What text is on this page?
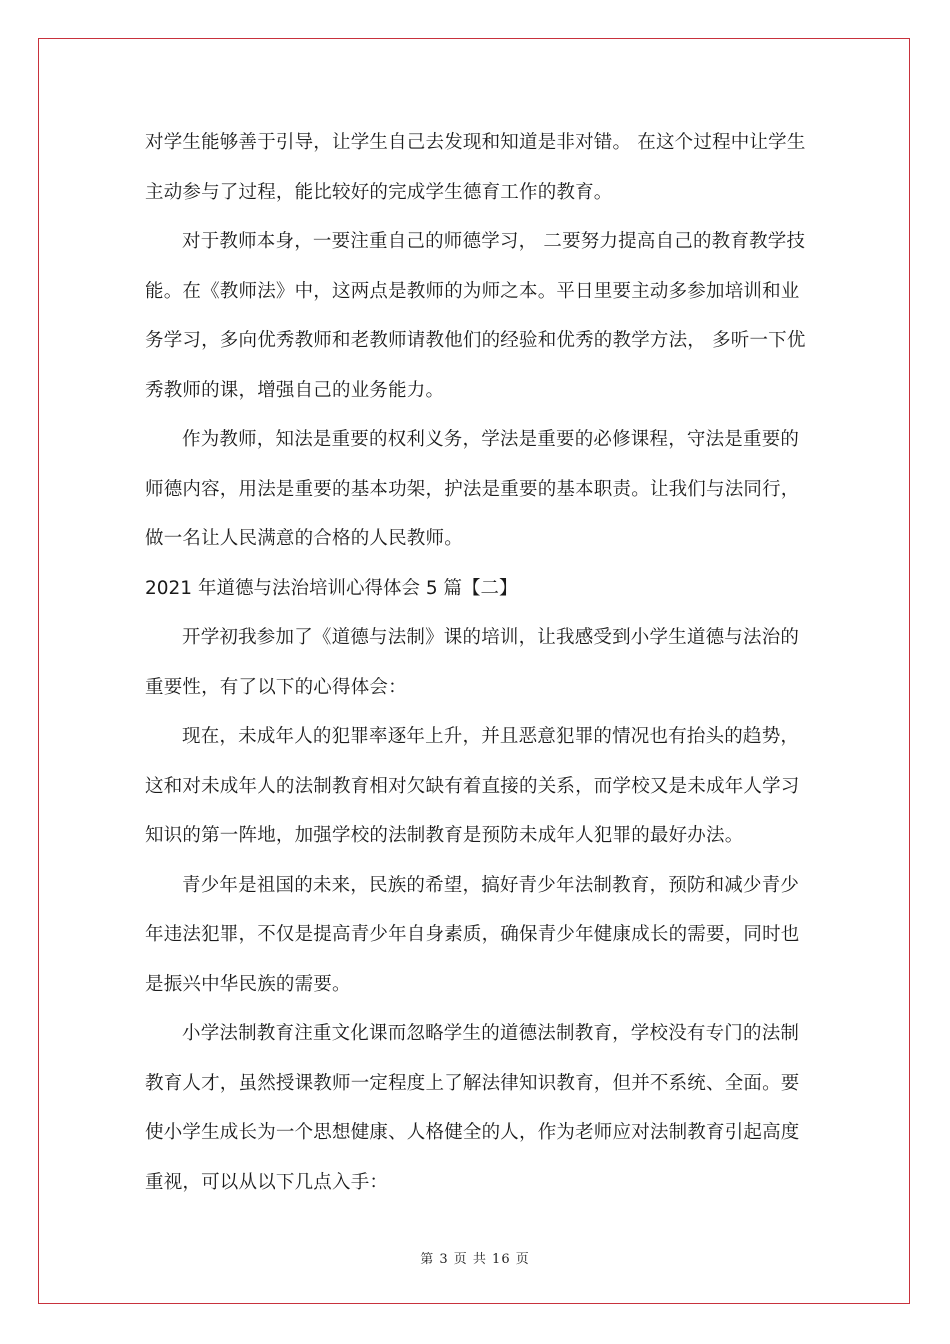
对学生能够善于引导，让学生自己去发现和知道是非对错。 在这个过程中让学生
主动参与了过程，能比较好的完成学生德育工作的教育。

对于教师本身，一要注重自己的师德学习， 二要努力提高自己的教育教学技
能。在《教师法》中，这两点是教师的为师之本。平日里要主动多参加培训和业
务学习，多向优秀教师和老教师请教他们的经验和优秀的教学方法， 多听一下优
秀教师的课，增强自己的业务能力。

作为教师，知法是重要的权利义务，学法是重要的必修课程，守法是重要的
师德内容，用法是重要的基本功架，护法是重要的基本职责。让我们与法同行，
做一名让人民满意的合格的人民教师。

2021 年道德与法治培训心得体会 5 篇【二】

开学初我参加了《道德与法制》课的培训，让我感受到小学生道德与法治的
重要性，有了以下的心得体会：

现在，未成年人的犯罪率逐年上升，并且恶意犯罪的情况也有抬头的趋势，
这和对未成年人的法制教育相对欠缺有着直接的关系，而学校又是未成年人学习
知识的第一阵地，加强学校的法制教育是预防未成年人犯罪的最好办法。

青少年是祖国的未来，民族的希望，搞好青少年法制教育，预防和减少青少
年违法犯罪，不仅是提高青少年自身素质，确保青少年健康成长的需要，同时也
是振兴中华民族的需要。

小学法制教育注重文化课而忽略学生的道德法制教育，学校没有专门的法制
教育人才，虽然授课教师一定程度上了解法律知识教育，但并不系统、全面。要
使小学生成长为一个思想健康、人格健全的人，作为老师应对法制教育引起高度
重视，可以从以下几点入手：

第 3 页 共 16 页
